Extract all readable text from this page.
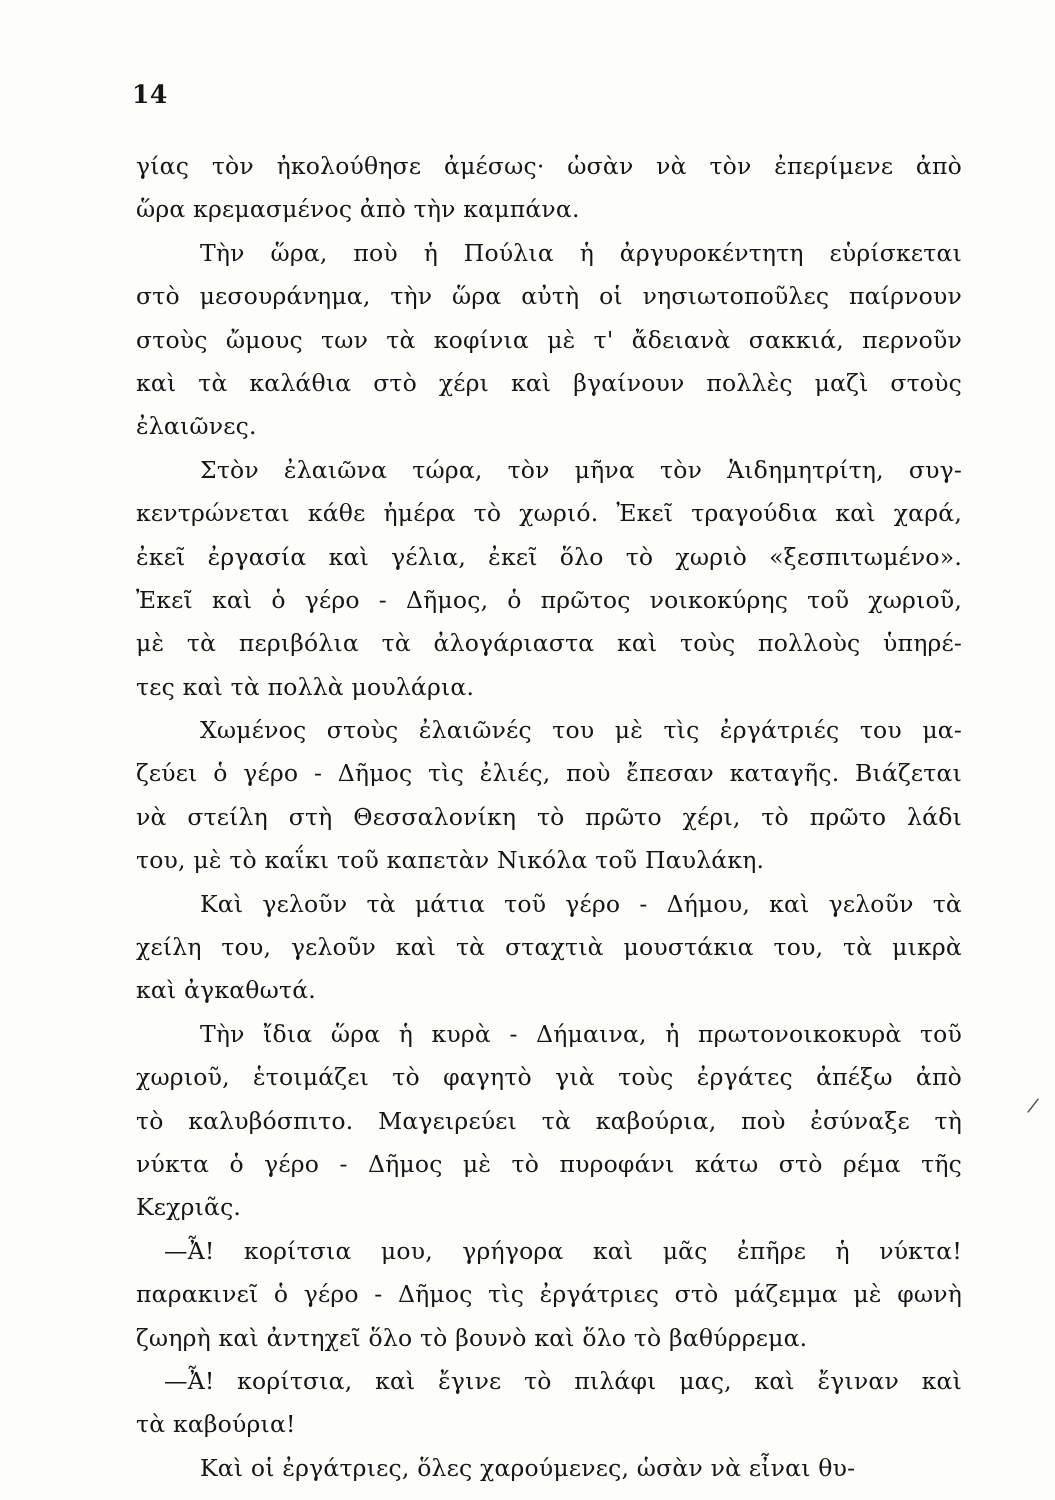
14
γίας τὸν ἠκολούθησε ἀμέσως· ὡσὰν νὰ τὸν ἐπερίμενε ἀπὸ
ὥρα κρεμασμένος ἀπὸ τὴν καμπάνα.
Τὴν ὥρα, ποὺ ἡ Πούλια ἡ ἀργυροκέντητη εὑρίσκεται
στὸ μεσουράνημα, τὴν ὥρα αὐτὴ οἱ νησιωτοποῦλες παίρνουν
στοὺς ὤμους των τὰ κοφίνια μὲ τ' ἄδειανὰ σακκιά, περνοῦν
καὶ τὰ καλάθια στὸ χέρι καὶ βγαίνουν πολλὲς μαζὶ στοὺς
ἐλαιῶνες.
Στὸν ἐλαιῶνα τώρα, τὸν μῆνα τὸν Ἁιδημητρίτη, συγ-
κεντρώνεται κάθε ἡμέρα τὸ χωριό. Ἐκεῖ τραγούδια καὶ χαρά,
ἐκεῖ ἐργασία καὶ γέλια, ἐκεῖ ὅλο τὸ χωριὸ «ξεσπιτωμένο».
Ἐκεῖ καὶ ὁ γέρο - Δῆμος, ὁ πρῶτος νοικοκύρης τοῦ χωριοῦ,
μὲ τὰ περιβόλια τὰ ἀλογάριαστα καὶ τοὺς πολλοὺς ὑπηρέ-
τες καὶ τὰ πολλὰ μουλάρια.
Χωμένος στοὺς ἐλαιῶνές του μὲ τὶς ἐργάτριές του μα-
ζεύει ὁ γέρο - Δῆμος τὶς ἐλιές, ποὺ ἔπεσαν καταγῆς. Βιάζεται
νὰ στείλη στὴ Θεσσαλονίκη τὸ πρῶτο χέρι, τὸ πρῶτο λάδι
του, μὲ τὸ καΐκι τοῦ καπετὰν Νικόλα τοῦ Παυλάκη.
Καὶ γελοῦν τὰ μάτια τοῦ γέρο - Δήμου, καὶ γελοῦν τὰ
χείλη του, γελοῦν καὶ τὰ σταχτιὰ μουστάκια του, τὰ μικρὰ
καὶ ἀγκαθωτά.
Τὴν ἴδια ὥρα ἡ κυρὰ - Δήμαινα, ἡ πρωτονοικοκυρὰ τοῦ
χωριοῦ, ἑτοιμάζει τὸ φαγητὸ γιὰ τοὺς ἐργάτες ἀπέξω ἀπὸ
τὸ καλυβόσπιτο. Μαγειρεύει τὰ καβούρια, ποὺ ἐσύναξε τὴ
νύκτα ὁ γέρο - Δῆμος μὲ τὸ πυροφάνι κάτω στὸ ρέμα τῆς
Κεχριᾶς.
—Ἆ! κορίτσια μου, γρήγορα καὶ μᾶς ἐπῆρε ἡ νύκτα!
παρακινεῖ ὁ γέρο - Δῆμος τὶς ἐργάτριες στὸ μάζεμμα μὲ φωνὴ
ζωηρὴ καὶ ἀντηχεῖ ὅλο τὸ βουνὸ καὶ ὅλο τὸ βαθύρρεμα.
—Ἆ! κορίτσια, καὶ ἔγινε τὸ πιλάφι μας, καὶ ἔγιναν καὶ
τὰ καβούρια!
Καὶ οἱ ἐργάτριες, ὅλες χαρούμενες, ὡσὰν νὰ εἶναι θυ-
/
